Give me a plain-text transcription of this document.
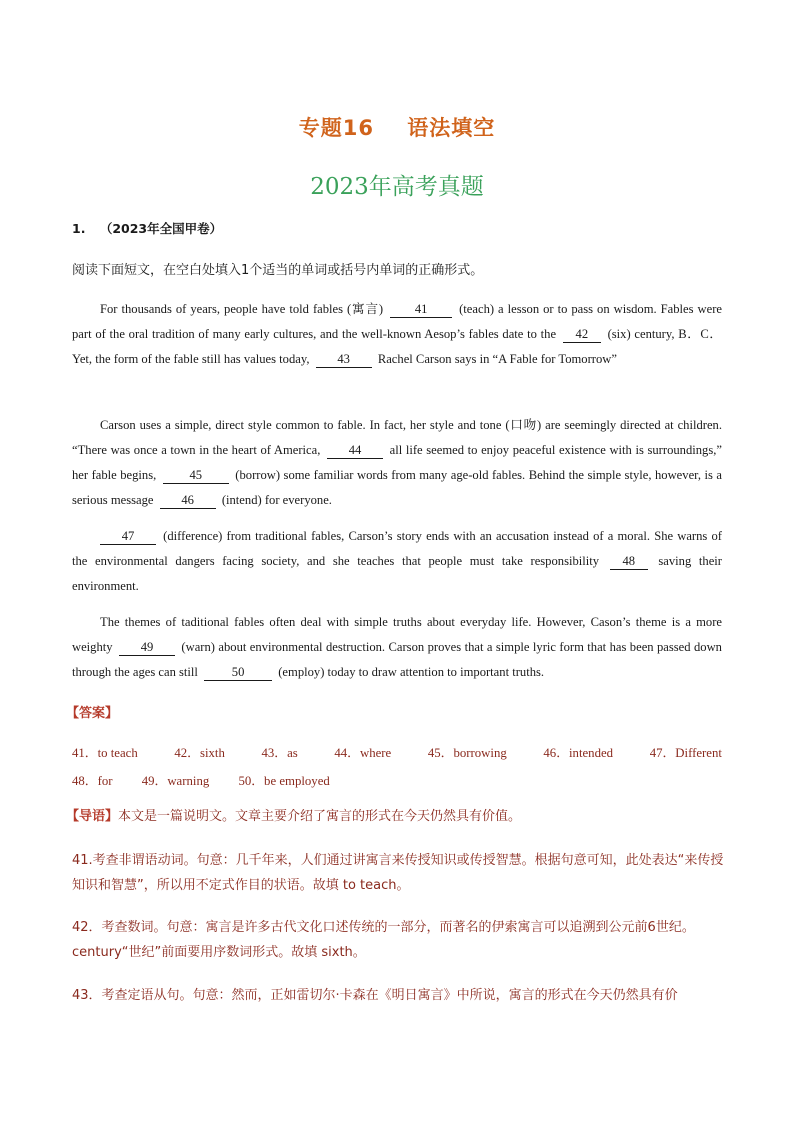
专题16    语法填空
2023年高考真题
1. （2023年全国甲卷）
阅读下面短文，在空白处填入1个适当的单词或括号内单词的正确形式。
For thousands of years, people have told fables (寓言)	41	(teach) a lesson or to pass on wisdom. Fables were part of the oral tradition of many early cultures, and the well-known Aesop’s fables date to the 42 (six) century, B．C． Yet, the form of the fable still has values today, 43 Rachel Carson says in “A Fable for Tomorrow”
Carson uses a simple, direct style common to fable. In fact, her style and tone (口吻) are seemingly directed at children. “There was once a town in the heart of America, 44 all life seemed to enjoy peaceful existence with is surroundings,” her fable begins,	45	(borrow) some familiar words from many age-old fables. Behind the simple style, however, is a serious message 46 (intend) for everyone.
47 (difference) from traditional fables, Carson’s story ends with an accusation instead of a moral. She warns of the environmental dangers facing society, and she teaches that people must take responsibility 48 saving their environment.
The themes of taditional fables often deal with simple truths about everyday life. However, Cason’s theme is a more weighty 49 (warn) about environmental destruction. Carson proves that a simple lyric form that has been passed down through the ages can still	50	(employ) today to draw attention to important truths.
【答案】
41．to teach	42．sixth	43．as	44．where	45．borrowing	46．intended	47．Different
48．for 49．warning 50．be employed
【导语】本文是一篇说明文。文章主要介绍了寓言的形式在今天仍然具有价值。
41.考查非谓语动词。句意：几千年来，人们通过讲寓言来传授知识或传授智慧。根据句意可知，此处表达“来传授知识和智慧”，所以用不定式作目的状语。故填 to teach。
42．考查数词。句意：寓言是许多古代文化口述传统的一部分，而著名的伊索寓言可以追溯到公元前6世纪。century“世纪”前面要用序数词形式。故填 sixth。
43．考查定语从句。句意：然而，正如雷切尔·卡森在《明日寓言》中所说，寓言的形式在今天仍然具有价
